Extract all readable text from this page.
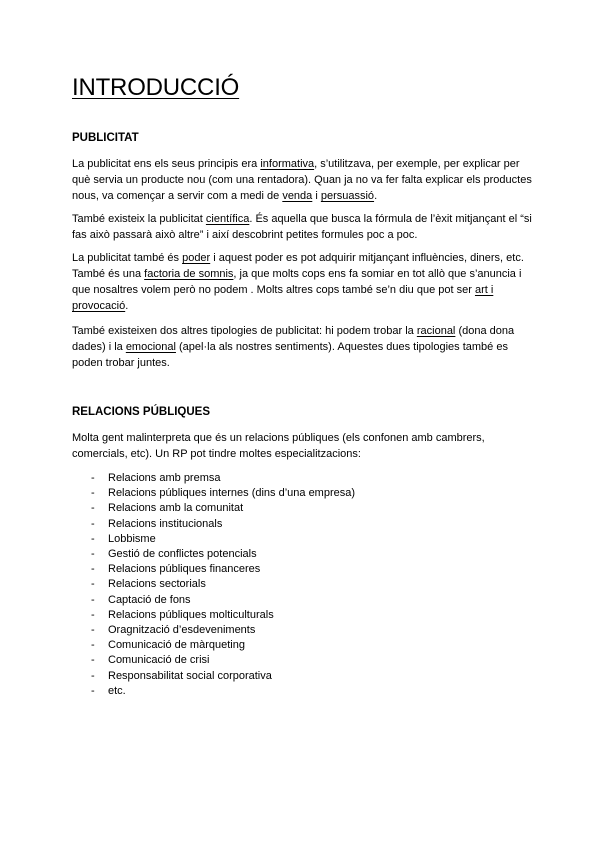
INTRODUCCIÓ
PUBLICITAT

La publicitat ens els seus principis era informativa, s’utilitzava, per exemple, per explicar per què servia un producte nou (com una rentadora). Quan ja no va fer falta explicar els productes nous, va començar a servir com a medi de venda i persuassió.

També existeix la publicitat científica. És aquella que busca la fórmula de l’èxit mitjançant el “si fas això passarà això altre” i així descobrint petites formules poc a poc.

La publicitat també és poder i aquest poder es pot adquirir mitjançant influències, diners, etc. També és una factoria de somnis, ja que molts cops ens fa somiar en tot allò que s’anuncia i que nosaltres volem però no podem . Molts altres cops també se’n diu que pot ser art i provocació.

També existeixen dos altres tipologies de publicitat: hi podem trobar la racional (dona dona dades) i la emocional (apel·la als nostres sentiments). Aquestes dues tipologies també es poden trobar juntes.

RELACIONS PÚBLIQUES

Molta gent malinterpreta que és un relacions públiques (els confonen amb cambrers, comercials, etc). Un RP pot tindre moltes especialitzacions:

- Relacions amb premsa
- Relacions públiques internes (dins d’una empresa)
- Relacions amb la comunitat
- Relacions institucionals
- Lobbisme
- Gestió de conflictes potencials
- Relacions públiques financeres
- Relacions sectorials
- Captació de fons
- Relacions públiques molticulturals
- Oragnització d’esdeveniments
- Comunicació de màrqueting
- Comunicació de crisi
- Responsabilitat social corporativa
- etc.
